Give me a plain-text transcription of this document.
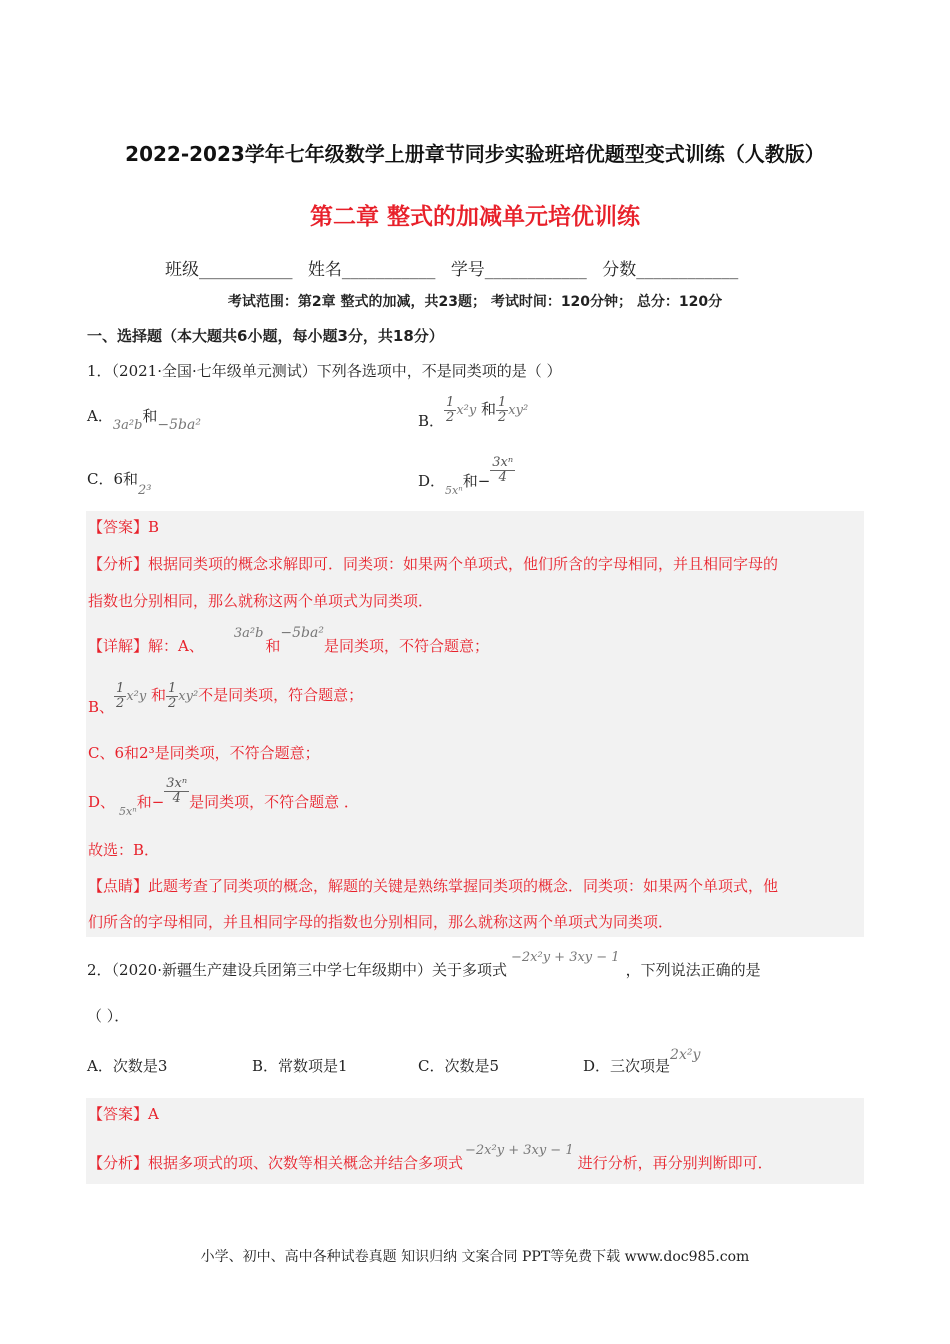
2022-2023学年七年级数学上册章节同步实验班培优题型变式训练（人教版）
第二章 整式的加减单元培优训练
班级___________ 姓名___________ 学号____________ 分数____________
考试范围：第2章 整式的加减，共23题； 考试时间：120分钟； 总分：120分
一、选择题（本大题共6小题，每小题3分，共18分）
1．（2021·全国·七年级单元测试）下列各选项中，不是同类项的是（ ）
A．3a²b和−5ba²	B． $\frac{1}{2} x^2y$ 和 $\frac{1}{2} xy^2$
C．6和2³
D．$_{5x^n}$和− $\frac{\text{3xⁿ}}{4}$
【答案】B
【分析】根据同类项的概念求解即可．同类项：如果两个单项式，他们所含的字母相同，并且相同字母的
指数也分别相同，那么就称这两个单项式为同类项．
【详解】解：A、3a²b和−5ba²是同类项，不符合题意；
B、 $\frac{1}{2} x^2y$ 和 $\frac{1}{2} xy^2$不是同类项，符合题意；
C、6和2³是同类项，不符合题意；
D、$_{5x^n}$和− $\frac{\text{3xⁿ}}{4}$ 是同类项，不符合题意 ．
故选：B．
【点睛】此题考查了同类项的概念，解题的关键是熟练掌握同类项的概念．同类项：如果两个单项式，他
们所含的字母相同，并且相同字母的指数也分别相同，那么就称这两个单项式为同类项．
2．（2020·新疆生产建设兵团第三中学七年级期中）关于多项式−2x²y + 3xy − 1，下列说法正确的是
（ ）．
A．次数是3	B．常数项是1	C．次数是5	D．三次项是2x²y
【答案】A
【分析】根据多项式的项、次数等相关概念并结合多项式−2x²y + 3xy − 1进行分析，再分别判断即可．
小学、初中、高中各种试卷真题 知识归纳 文案合同 PPT等免费下载 www.doc985.com
